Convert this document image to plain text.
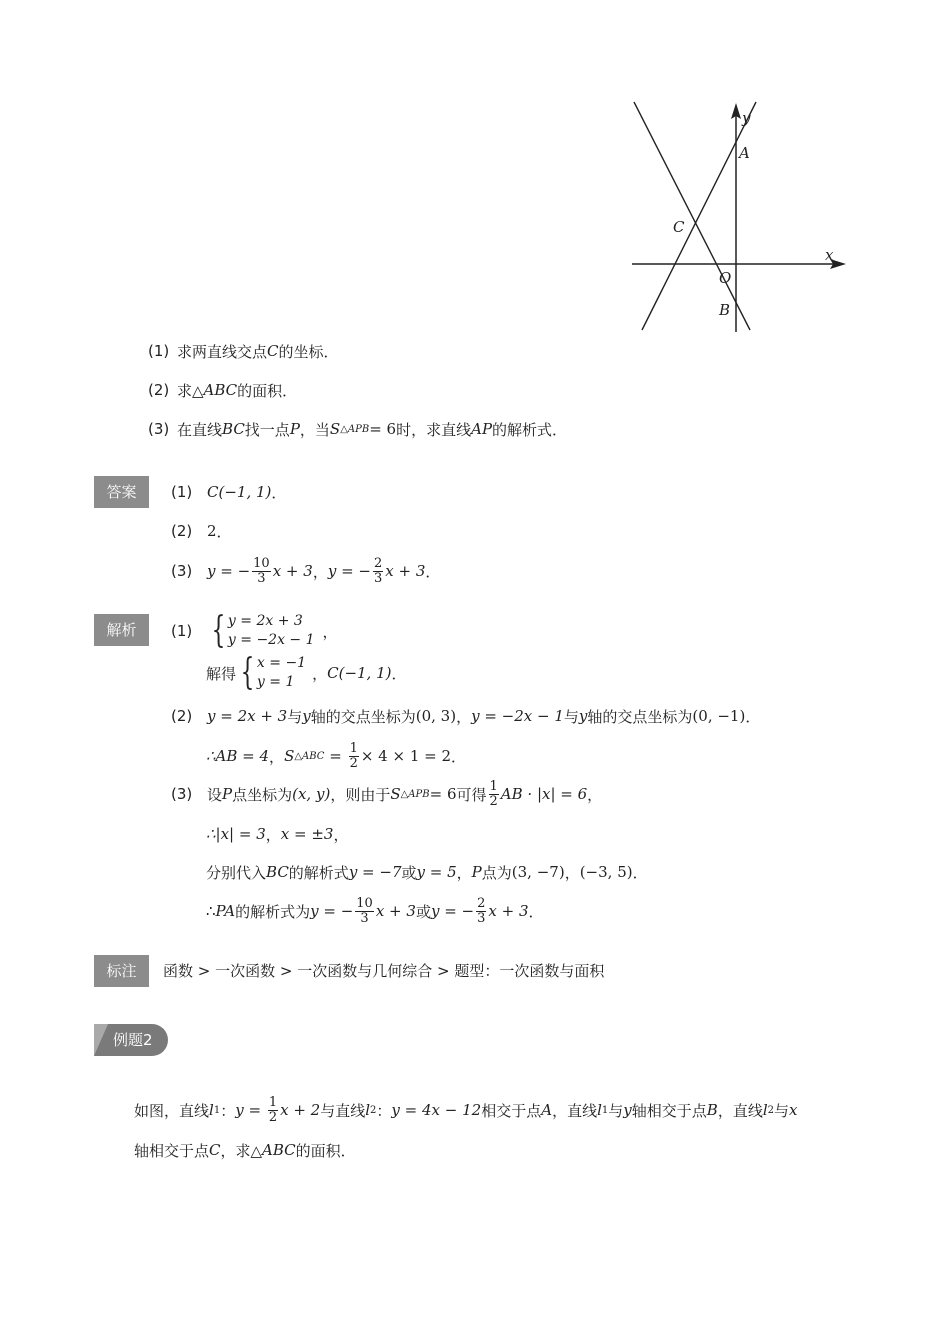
y
x
A
C
O
B
(1) 求两直线交点 C 的坐标．
(2) 求△ ABC 的面积．
(3) 在直线 BC 找一点 P ，当 S △APB = 6 时，求直线 AP 的解析式．
答案	(1) C(−1, 1) ．
(2) 2 ．
(3) y = − $\frac{10}{3}$ x + 3 ， y = − $\frac{2}{3}$ x + 3 ．
解析	(1) { y = 2x + 3
y = −2x − 1 ，
解得 { x = −1
y = 1	， C(−1, 1) ．
(2) y = 2x + 3 与 y 轴的交点坐标为 (0, 3) ， y = −2x − 1 与 y 轴的交点坐标为 (0, −1) ．
∴AB = 4 ， S △ABC = $\frac{1}{2} \times 4 \times 1 = 2$ ．
(3) 设 P 点坐标为 (x, y) ，则由于 S △APB = 6 可得 $\frac{1}{2}$ AB · |x| = 6 ，
∴|x| = 3 ， x = ±3 ，
分别代入 BC 的解析式 y = −7 或 y = 5 ， P 点为 (3, −7) ， (−3, 5) ．
∴ PA 的解析式为 y = − $\frac{10}{3}$ x + 3 或 y = − $\frac{2}{3}$ x + 3 ．
标注	函数 > 一次函数 > 一次函数与几何综合 > 题型：一次函数与面积
例题2
如图，直线 l 1 ： $y = \frac{1}{2}$ x + 2 与直线 l 2 ： y = 4x − 12 相交于点 A ，直线 l 1 与 y 轴相交于点 B ，直线 l 2 与 x
轴相交于点 C ，求△ ABC 的面积．
